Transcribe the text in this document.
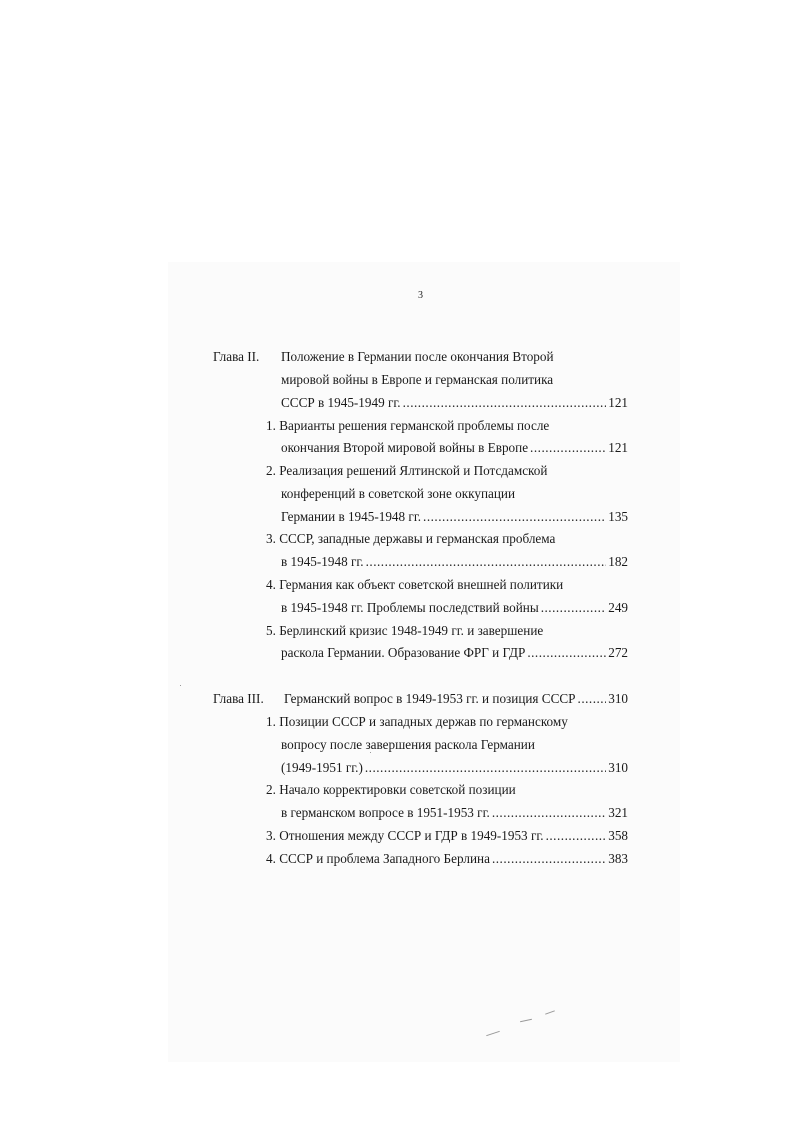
3
Глава II. Положение в Германии после окончания Второй
мировой войны в Европе и германская политика
СССР в 1945-1949 гг. .....	121
1. Варианты решения германской проблемы после
окончания Второй мировой войны в Европе .....	121
2. Реализация решений Ялтинской и Потсдамской
конференций в советской зоне оккупации
Германии в 1945-1948 гг. .....	135
3. СССР, западные державы и германская проблема
в 1945-1948 гг. .....	182
4. Германия как объект советской внешней политики
в 1945-1948 гг. Проблемы последствий войны .....	249
5. Берлинский кризис 1948-1949 гг. и завершение
раскола Германии. Образование ФРГ и ГДР .....	272
Глава III. Германский вопрос в 1949-1953 гг. и позиция СССР ..... 310
1. Позиции СССР и западных держав по германскому
вопросу после завершения раскола Германии
(1949-1951 гг.) .....	310
2. Начало корректировки советской позиции
в германском вопросе в 1951-1953 гг. .....	321
3. Отношения между СССР и ГДР в 1949-1953 гг. .....	358
4. СССР и проблема Западного Берлина .....	383
